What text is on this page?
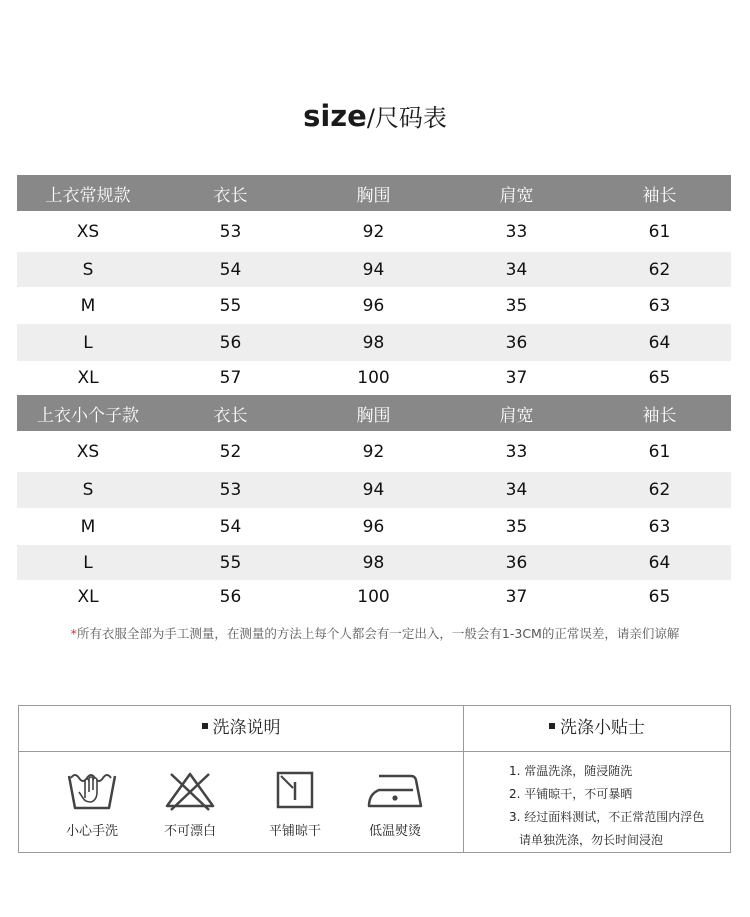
size/尺码表
上衣常规款	衣长	胸围	肩宽	袖长
XS	53	92	33	61
S	54	94	34	62
M	55	96	35	63
L	56	98	36	64
XL	57	100	37	65
上衣小个子款	衣长	胸围	肩宽	袖长
XS	52	92	33	61
S	53	94	34	62
M	54	96	35	63
L	55	98	36	64
XL	56	100	37	65
*所有衣服全部为手工测量，在测量的方法上每个人都会有一定出入，一般会有1-3CM的正常误差，请亲们谅解
洗涤说明	洗涤小贴士
小心手洗	不可漂白	平铺晾干	低温熨烫
1. 常温洗涤，随浸随洗
2. 平铺晾干，不可暴晒
3. 经过面料测试，不正常范围内浮色
请单独洗涤，勿长时间浸泡
